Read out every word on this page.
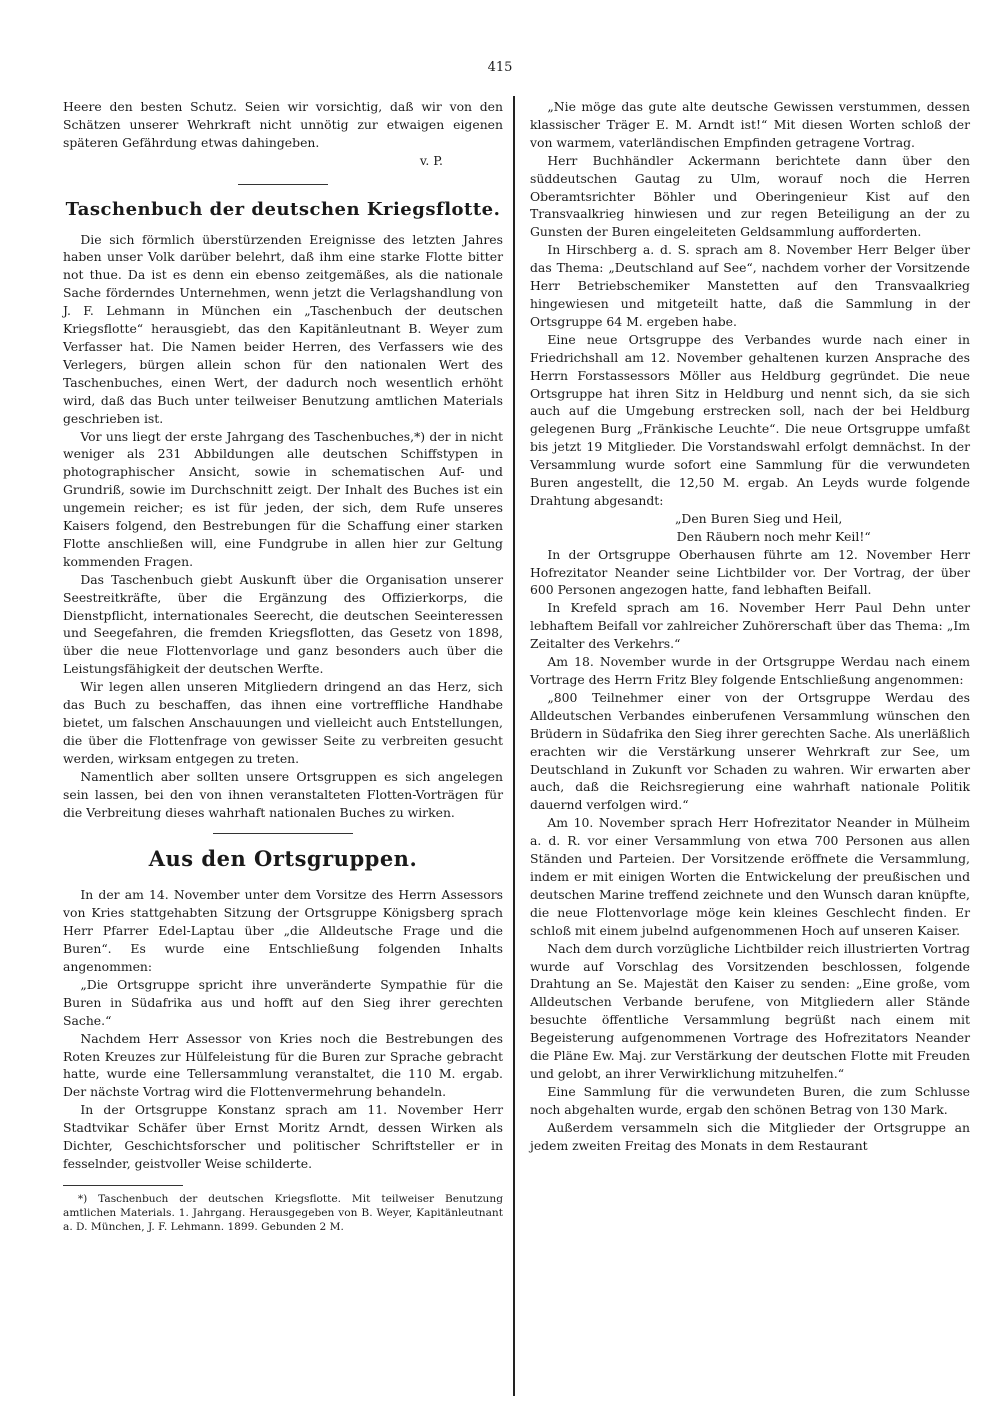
415

Heere den besten Schutz. Seien wir vorsichtig, daß wir von den Schätzen unserer Wehrkraft nicht unnötig zur etwaigen eigenen späteren Gefährdung etwas dahingeben.

v. P.

Taschenbuch der deutschen Kriegsflotte.

Die sich förmlich überstürzenden Ereignisse des letzten Jahres haben unser Volk darüber belehrt, daß ihm eine starke Flotte bitter not thue. Da ist es denn ein ebenso zeitgemäßes, als die nationale Sache förderndes Unternehmen, wenn jetzt die Verlagshandlung von J. F. Lehmann in München ein „Taschenbuch der deutschen Kriegsflotte“ herausgiebt, das den Kapitänleutnant B. Weyer zum Verfasser hat. Die Namen beider Herren, des Verfassers wie des Verlegers, bürgen allein schon für den nationalen Wert des Taschenbuches, einen Wert, der dadurch noch wesentlich erhöht wird, daß das Buch unter teilweiser Benutzung amtlichen Materials geschrieben ist.

Vor uns liegt der erste Jahrgang des Taschenbuches,*) der in nicht weniger als 231 Abbildungen alle deutschen Schiffstypen in photographischer Ansicht, sowie in schematischen Auf- und Grundriß, sowie im Durchschnitt zeigt. Der Inhalt des Buches ist ein ungemein reicher; es ist für jeden, der sich, dem Rufe unseres Kaisers folgend, den Bestrebungen für die Schaffung einer starken Flotte anschließen will, eine Fundgrube in allen hier zur Geltung kommenden Fragen.

Das Taschenbuch giebt Auskunft über die Organisation unserer Seestreitkräfte, über die Ergänzung des Offizierkorps, die Dienstpflicht, internationales Seerecht, die deutschen Seeinteressen und Seegefahren, die fremden Kriegsflotten, das Gesetz von 1898, über die neue Flottenvorlage und ganz besonders auch über die Leistungsfähigkeit der deutschen Werfte.

Wir legen allen unseren Mitgliedern dringend an das Herz, sich das Buch zu beschaffen, das ihnen eine vortreffliche Handhabe bietet, um falschen Anschauungen und vielleicht auch Entstellungen, die über die Flottenfrage von gewisser Seite zu verbreiten gesucht werden, wirksam entgegen zu treten.

Namentlich aber sollten unsere Ortsgruppen es sich angelegen sein lassen, bei den von ihnen veranstalteten Flotten-Vorträgen für die Verbreitung dieses wahrhaft nationalen Buches zu wirken.

Aus den Ortsgruppen.

In der am 14. November unter dem Vorsitze des Herrn Assessors von Kries stattgehabten Sitzung der Ortsgruppe Königsberg sprach Herr Pfarrer Edel-Laptau über „die Alldeutsche Frage und die Buren“. Es wurde eine Entschließung folgenden Inhalts angenommen:

„Die Ortsgruppe spricht ihre unveränderte Sympathie für die Buren in Südafrika aus und hofft auf den Sieg ihrer gerechten Sache.“

Nachdem Herr Assessor von Kries noch die Bestrebungen des Roten Kreuzes zur Hülfeleistung für die Buren zur Sprache gebracht hatte, wurde eine Tellersammlung veranstaltet, die 110 M. ergab. Der nächste Vortrag wird die Flottenvermehrung behandeln.

In der Ortsgruppe Konstanz sprach am 11. November Herr Stadtvikar Schäfer über Ernst Moritz Arndt, dessen Wirken als Dichter, Geschichtsforscher und politischer Schriftsteller er in fesselnder, geistvoller Weise schilderte.

*) Taschenbuch der deutschen Kriegsflotte. Mit teilweiser Benutzung amtlichen Materials. 1. Jahrgang. Herausgegeben von B. Weyer, Kapitänleutnant a. D. München, J. F. Lehmann. 1899. Gebunden 2 M.

„Nie möge das gute alte deutsche Gewissen verstummen, dessen klassischer Träger E. M. Arndt ist!“ Mit diesen Worten schloß der von warmem, vaterländischen Empfinden getragene Vortrag.

Herr Buchhändler Ackermann berichtete dann über den süddeutschen Gautag zu Ulm, worauf noch die Herren Oberamtsrichter Böhler und Oberingenieur Kist auf den Transvaalkrieg hinwiesen und zur regen Beteiligung an der zu Gunsten der Buren eingeleiteten Geldsammlung aufforderten.

In Hirschberg a. d. S. sprach am 8. November Herr Belger über das Thema: „Deutschland auf See“, nachdem vorher der Vorsitzende Herr Betriebschemiker Manstetten auf den Transvaalkrieg hingewiesen und mitgeteilt hatte, daß die Sammlung in der Ortsgruppe 64 M. ergeben habe.

Eine neue Ortsgruppe des Verbandes wurde nach einer in Friedrichshall am 12. November gehaltenen kurzen Ansprache des Herrn Forstassessors Möller aus Heldburg gegründet. Die neue Ortsgruppe hat ihren Sitz in Heldburg und nennt sich, da sie sich auch auf die Umgebung erstrecken soll, nach der bei Heldburg gelegenen Burg „Fränkische Leuchte“. Die neue Ortsgruppe umfaßt bis jetzt 19 Mitglieder. Die Vorstandswahl erfolgt demnächst. In der Versammlung wurde sofort eine Sammlung für die verwundeten Buren angestellt, die 12,50 M. ergab. An Leyds wurde folgende Drahtung abgesandt:

„Den Buren Sieg und Heil,

Den Räubern noch mehr Keil!“

In der Ortsgruppe Oberhausen führte am 12. November Herr Hofrezitator Neander seine Lichtbilder vor. Der Vortrag, der über 600 Personen angezogen hatte, fand lebhaften Beifall.

In Krefeld sprach am 16. November Herr Paul Dehn unter lebhaftem Beifall vor zahlreicher Zuhörerschaft über das Thema: „Im Zeitalter des Verkehrs.“

Am 18. November wurde in der Ortsgruppe Werdau nach einem Vortrage des Herrn Fritz Bley folgende Entschließung angenommen:

„800 Teilnehmer einer von der Ortsgruppe Werdau des Alldeutschen Verbandes einberufenen Versammlung wünschen den Brüdern in Südafrika den Sieg ihrer gerechten Sache. Als unerläßlich erachten wir die Verstärkung unserer Wehrkraft zur See, um Deutschland in Zukunft vor Schaden zu wahren. Wir erwarten aber auch, daß die Reichsregierung eine wahrhaft nationale Politik dauernd verfolgen wird.“

Am 10. November sprach Herr Hofrezitator Neander in Mülheim a. d. R. vor einer Versammlung von etwa 700 Personen aus allen Ständen und Parteien. Der Vorsitzende eröffnete die Versammlung, indem er mit einigen Worten die Entwickelung der preußischen und deutschen Marine treffend zeichnete und den Wunsch daran knüpfte, die neue Flottenvorlage möge kein kleines Geschlecht finden. Er schloß mit einem jubelnd aufgenommenen Hoch auf unseren Kaiser.

Nach dem durch vorzügliche Lichtbilder reich illustrierten Vortrag wurde auf Vorschlag des Vorsitzenden beschlossen, folgende Drahtung an Se. Majestät den Kaiser zu senden: „Eine große, vom Alldeutschen Verbande berufene, von Mitgliedern aller Stände besuchte öffentliche Versammlung begrüßt nach einem mit Begeisterung aufgenommenen Vortrage des Hofrezitators Neander die Pläne Ew. Maj. zur Verstärkung der deutschen Flotte mit Freuden und gelobt, an ihrer Verwirklichung mitzuhelfen.“

Eine Sammlung für die verwundeten Buren, die zum Schlusse noch abgehalten wurde, ergab den schönen Betrag von 130 Mark.

Außerdem versammeln sich die Mitglieder der Ortsgruppe an jedem zweiten Freitag des Monats in dem Restaurant
